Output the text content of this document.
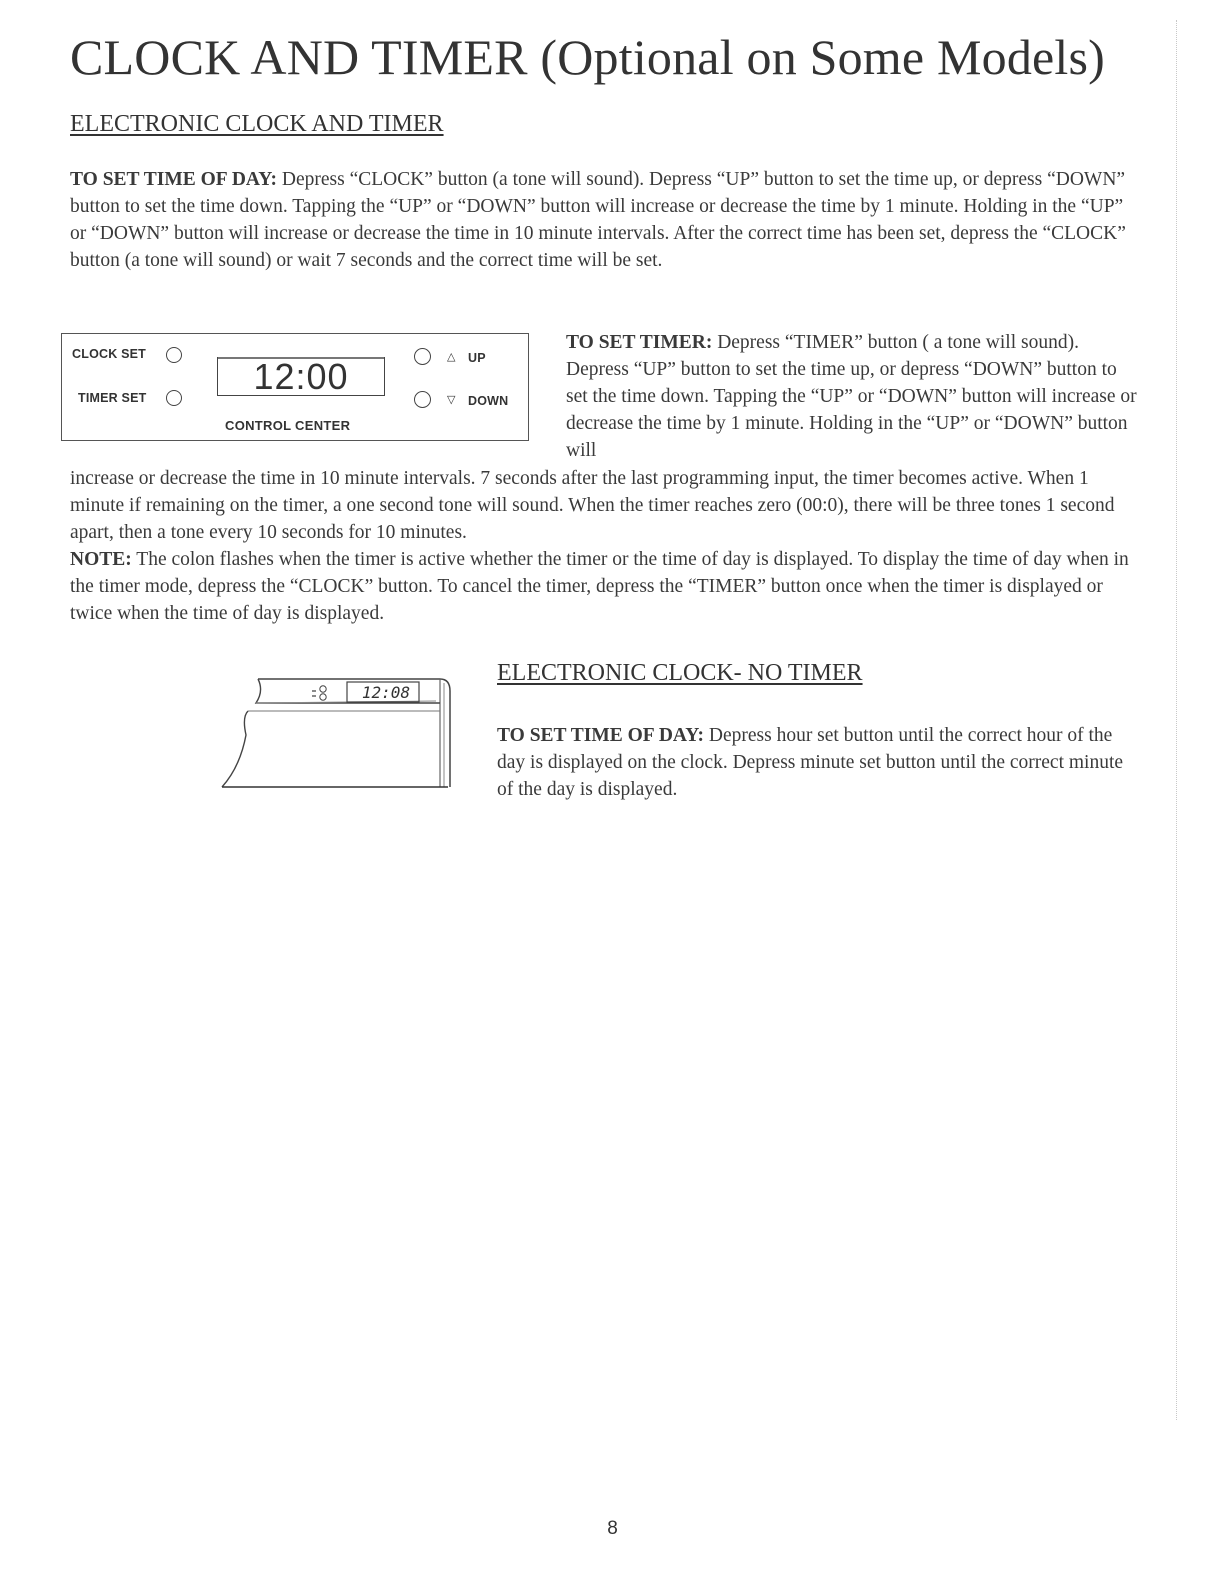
CLOCK AND TIMER (Optional on Some Models)
ELECTRONIC CLOCK AND TIMER

TO SET TIME OF DAY: Depress “CLOCK” button (a tone will sound). Depress “UP” button to set the time up, or depress “DOWN” button to set the time down. Tapping the “UP” or “DOWN” button will increase or decrease the time by 1 minute. Holding in the “UP” or “DOWN” button will increase or decrease the time in 10 minute intervals. After the correct time has been set, depress the “CLOCK” button (a tone will sound) or wait 7 seconds and the correct time will be set.

CLOCK SET
TIMER SET
12:00	△ UP
▽ DOWN
CONTROL CENTER

TO SET TIMER: Depress “TIMER” button ( a tone will sound). Depress “UP” button to set the time up, or depress “DOWN” button to set the time down. Tapping the “UP” or “DOWN” button will increase or decrease the time by 1 minute. Holding in the “UP” or “DOWN” button will

increase or decrease the time in 10 minute intervals. 7 seconds after the last programming input, the timer becomes active. When 1 minute if remaining on the timer, a one second tone will sound. When the timer reaches zero (00:0), there will be three tones 1 second apart, then a tone every 10 seconds for 10 minutes.
NOTE: The colon flashes when the timer is active whether the timer or the time of day is displayed. To display the time of day when in the timer mode, depress the “CLOCK” button. To cancel the timer, depress the “TIMER” button once when the timer is displayed or twice when the time of day is displayed.

12:08
ELECTRONIC CLOCK- NO TIMER

TO SET TIME OF DAY: Depress hour set button until the correct hour of the day is displayed on the clock. Depress minute set button until the correct minute of the day is displayed.

8
